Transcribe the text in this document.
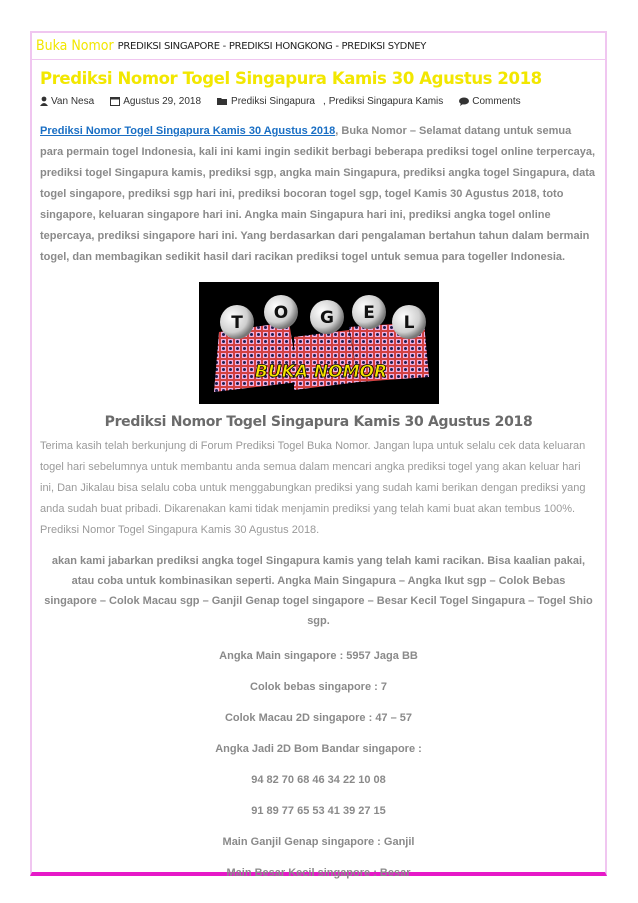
Buka Nomor PREDIKSI SINGAPORE - PREDIKSI HONGKONG - PREDIKSI SYDNEY
Prediksi Nomor Togel Singapura Kamis 30 Agustus 2018
Van Nesa	Agustus 29, 2018	Prediksi Singapura , Prediksi Singapura Kamis	Comments
Prediksi Nomor Togel Singapura Kamis 30 Agustus 2018, Buka Nomor – Selamat datang untuk semua para permain togel Indonesia, kali ini kami ingin sedikit berbagi beberapa prediksi togel online terpercaya, prediksi togel Singapura kamis, prediksi sgp, angka main Singapura, prediksi angka togel Singapura, data togel singapore, prediksi sgp hari ini, prediksi bocoran togel sgp, togel Kamis 30 Agustus 2018, toto singapore, keluaran singapore hari ini. Angka main Singapura hari ini, prediksi angka togel online tepercaya, prediksi singapore hari ini. Yang berdasarkan dari pengalaman bertahun tahun dalam bermain togel, dan membagikan sedikit hasil dari racikan prediksi togel untuk semua para togeller Indonesia.
T O G E L
BUKA NOMOR
Prediksi Nomor Togel Singapura Kamis 30 Agustus 2018
Terima kasih telah berkunjung di Forum Prediksi Togel Buka Nomor. Jangan lupa untuk selalu cek data keluaran togel hari sebelumnya untuk membantu anda semua dalam mencari angka prediksi togel yang akan keluar hari ini, Dan Jikalau bisa selalu coba untuk menggabungkan prediksi yang sudah kami berikan dengan prediksi yang anda sudah buat pribadi. Dikarenakan kami tidak menjamin prediksi yang telah kami buat akan tembus 100%. Prediksi Nomor Togel Singapura Kamis 30 Agustus 2018.
akan kami jabarkan prediksi angka togel Singapura kamis yang telah kami racikan. Bisa kaalian pakai, atau coba untuk kombinasikan seperti. Angka Main Singapura – Angka Ikut sgp – Colok Bebas singapore – Colok Macau sgp – Ganjil Genap togel singapore – Besar Kecil Togel Singapura – Togel Shio sgp.
Angka Main singapore : 5957 Jaga BB
Colok bebas singapore : 7
Colok Macau 2D singapore : 47 – 57
Angka Jadi 2D Bom Bandar singapore :
94 82 70 68 46 34 22 10 08
91 89 77 65 53 41 39 27 15
Main Ganjil Genap singapore : Ganjil
Main Besar Kecil singapore : Besar
